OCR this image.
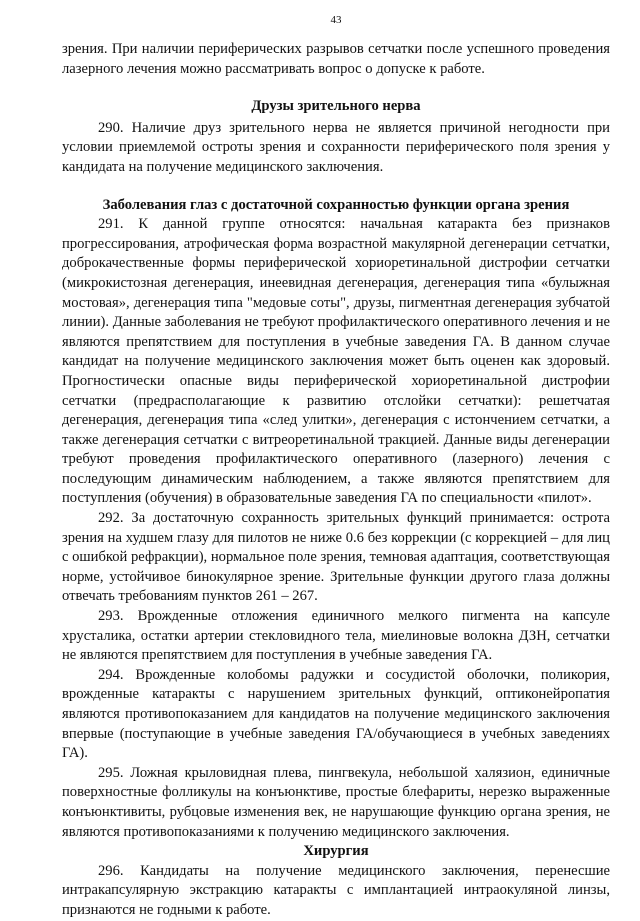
43

зрения. При наличии периферических разрывов сетчатки после успешного проведения лазерного лечения можно рассматривать вопрос о допуске к работе.

Друзы зрительного нерва

290. Наличие друз зрительного нерва не является причиной негодности при условии приемлемой остроты зрения и сохранности периферического поля зрения у кандидата на получение медицинского заключения.

Заболевания глаз с достаточной сохранностью функции органа зрения

291. К данной группе относятся: начальная катаракта без признаков прогрессирования, атрофическая форма возрастной макулярной дегенерации сетчатки, доброкачественные формы периферической хориоретинальной дистрофии сетчатки (микрокистозная дегенерация, инеевидная дегенерация, дегенерация типа «булыжная мостовая», дегенерация типа "медовые соты", друзы, пигментная дегенерация зубчатой линии). Данные заболевания не требуют профилактического оперативного лечения и не являются препятствием для поступления в учебные заведения ГА. В данном случае кандидат на получение медицинского заключения может быть оценен как здоровый. Прогностически опасные виды периферической хориоретинальной дистрофии сетчатки (предрасполагающие к развитию отслойки сетчатки): решетчатая дегенерация, дегенерация типа «след улитки», дегенерация с истончением сетчатки, а также дегенерация сетчатки с витреоретинальной тракцией. Данные виды дегенерации требуют проведения профилактического оперативного (лазерного) лечения с последующим динамическим наблюдением, а также являются препятствием для поступления (обучения) в образовательные заведения ГА по специальности «пилот».

292. За достаточную сохранность зрительных функций принимается: острота зрения на худшем глазу для пилотов не ниже 0.6 без коррекции (с коррекцией – для лиц с ошибкой рефракции), нормальное поле зрения, темновая адаптация, соответствующая норме, устойчивое бинокулярное зрение. Зрительные функции другого глаза должны отвечать требованиям пунктов 261 – 267.

293. Врожденные отложения единичного мелкого пигмента на капсуле хрусталика, остатки артерии стекловидного тела, миелиновые волокна ДЗН, сетчатки не являются препятствием для поступления в учебные заведения ГА.

294. Врожденные колобомы радужки и сосудистой оболочки, поликория, врожденные катаракты с нарушением зрительных функций, оптиконейропатия являются противопоказанием для кандидатов на получение медицинского заключения впервые (поступающие в учебные заведения ГА/обучающиеся в учебных заведениях ГА).

295. Ложная крыловидная плева, пингвекула, небольшой халязион, единичные поверхностные фолликулы на конъюнктиве, простые блефариты, нерезко выраженные конъюнктивиты, рубцовые изменения век, не нарушающие функцию органа зрения, не являются противопоказаниями к получению медицинского заключения.

Хирургия

296. Кандидаты на получение медицинского заключения, перенесшие интракапсулярную экстракцию катаракты с имплантацией интраокуляной линзы, признаются не годными к работе.
